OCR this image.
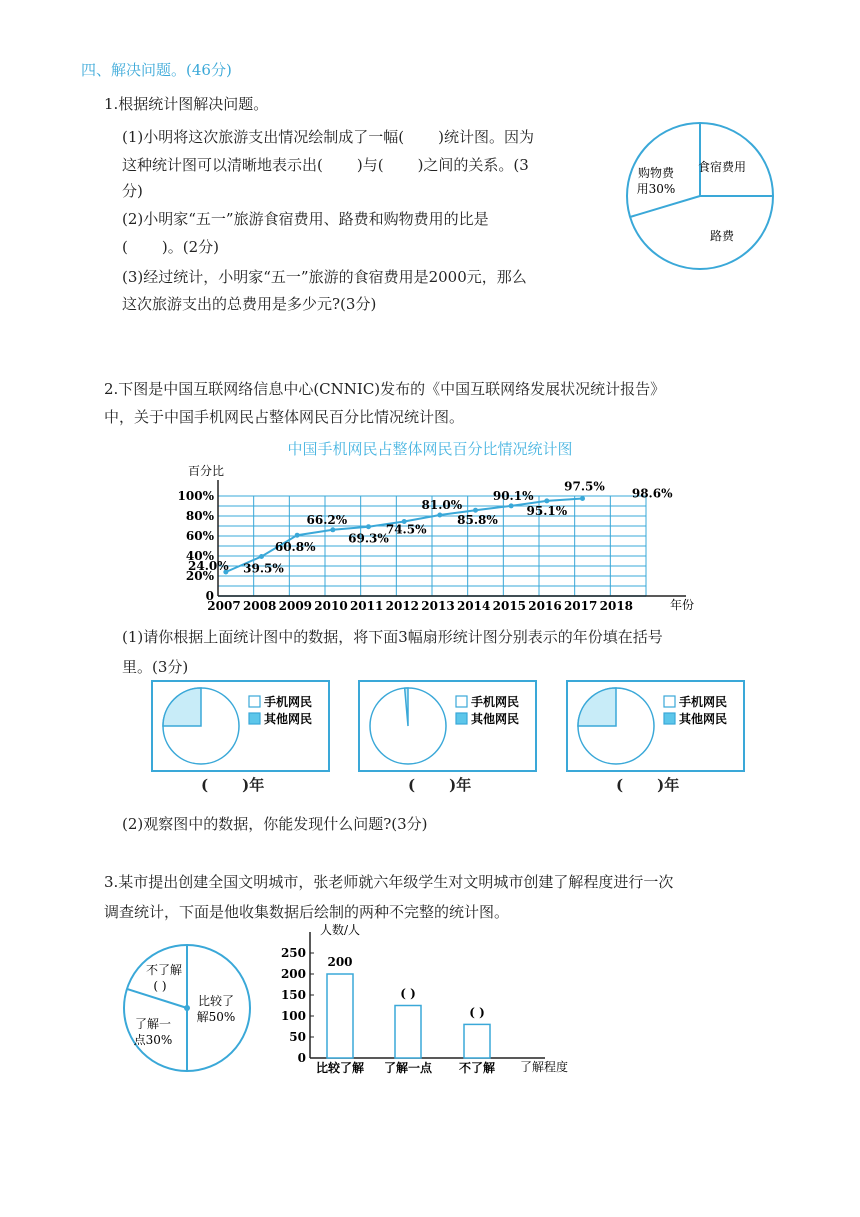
四、解决问题。(46分)
1.根据统计图解决问题。
(1)小明将这次旅游支出情况绘制成了一幅( )统计图。因为
这种统计图可以清晰地表示出( )与( )之间的关系。(3
分)
(2)小明家“五一”旅游食宿费用、路费和购物费用的比是
( )。(2分)
(3)经过统计，小明家“五一”旅游的食宿费用是2000元，那么
这次旅游支出的总费用是多少元?(3分)
购物费
用30%
食宿费用
路费
2.下图是中国互联网络信息中心(CNNIC)发布的《中国互联网络发展状况统计报告》
中，关于中国手机网民占整体网民百分比情况统计图。
中国手机网民占整体网民百分比情况统计图
0
20%
40%
60%
80%
100%
2007 2008 2009 2010 2011 2012 2013 2014 2015 2016 2017 2018
24.0% 39.5%
60.8%
66.2%
69.3%
74.5%
81.0%
85.8%
90.1%
95.1%
97.5% 98.6%
百分比
年份
(1)请你根据上面统计图中的数据，将下面3幅扇形统计图分别表示的年份填在括号
里。(3分)
手机网民
其他网民
( )年
手机网民
其他网民
( )年
手机网民
其他网民
( )年
(2)观察图中的数据，你能发现什么问题?(3分)
3.某市提出创建全国文明城市，张老师就六年级学生对文明城市创建了解程度进行一次
调查统计，下面是他收集数据后绘制的两种不完整的统计图。
不了解
( )
了解一
点30%
比较了
解50%
0
50
100
150
200
250
200
比较了解
( )
了解一点
( )
不了解
人数/人
了解程度
